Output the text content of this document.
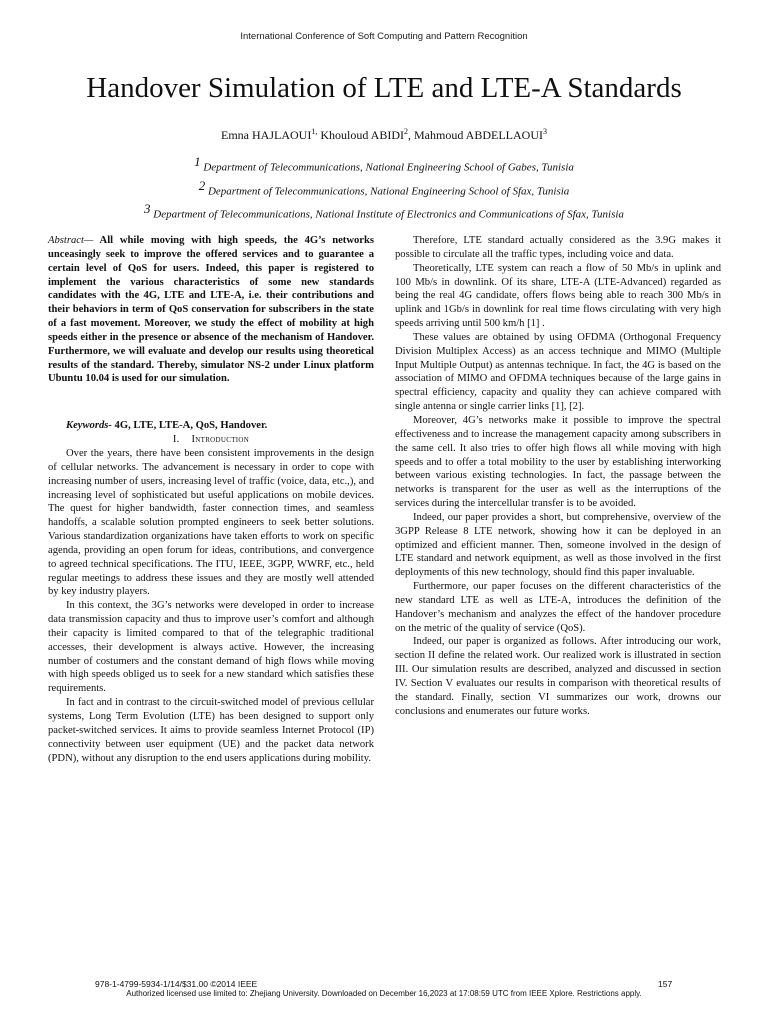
International Conference of Soft Computing and Pattern Recognition
Handover Simulation of LTE and LTE-A Standards
Emna $HAJLAOUI^{1,}$ Khouloud ABIDI$^2$, Mahmoud ABDELLAOUI$^3$
$^1$ Department of Telecommunications, National Engineering School of Gabes, Tunisia
$^2$ Department of Telecommunications, National Engineering School of Sfax, Tunisia
$^3$ Department of Telecommunications, National Institute of Electronics and Communications of Sfax, Tunisia

Abstract— All while moving with high speeds, the 4G’s networks unceasingly seek to improve the offered services and to guarantee a certain level of QoS for users. Indeed, this paper is registered to implement the various characteristics of some new standards candidates with the 4G, LTE and LTE-A, i.e. their contributions and their behaviors in term of QoS conservation for subscribers in the state of a fast movement. Moreover, we study the effect of mobility at high speeds either in the presence or absence of the mechanism of Handover. Furthermore, we will evaluate and develop our results using theoretical results of the standard. Thereby, simulator NS-2 under Linux platform Ubuntu 10.04 is used for our simulation.

Keywords- 4G, LTE, LTE-A, QoS, Handover.

I. Introduction

Over the years, there have been consistent improvements in the design of cellular networks. The advancement is necessary in order to cope with increasing number of users, increasing level of traffic (voice, data, etc.,), and increasing level of sophisticated but useful applications on mobile devices. The quest for higher bandwidth, faster connection times, and seamless handoffs, a scalable solution prompted engineers to seek better solutions. Various standardization organizations have taken efforts to work on specific agenda, providing an open forum for ideas, contributions, and convergence to agreed technical specifications. The ITU, IEEE, 3GPP, WWRF, etc., held regular meetings to address these issues and they are mostly well attended by key industry players.

In this context, the 3G’s networks were developed in order to increase data transmission capacity and thus to improve user’s comfort and although their capacity is limited compared to that of the telegraphic traditional accesses, their development is always active. However, the increasing number of costumers and the constant demand of high flows while moving with high speeds obliged us to seek for a new standard which satisfies these requirements.

In fact and in contrast to the circuit-switched model of previous cellular systems, Long Term Evolution (LTE) has been designed to support only packet-switched services. It aims to provide seamless Internet Protocol (IP) connectivity between user equipment (UE) and the packet data network (PDN), without any disruption to the end users applications during mobility.

Therefore, LTE standard actually considered as the 3.9G makes it possible to circulate all the traffic types, including voice and data.

Theoretically, LTE system can reach a flow of 50 Mb/s in uplink and 100 Mb/s in downlink. Of its share, LTE-A (LTE-Advanced) regarded as being the real 4G candidate, offers flows being able to reach 300 Mb/s in uplink and 1Gb/s in downlink for real time flows circulating with very high speeds arriving until 500 km/h [1] .

These values are obtained by using OFDMA (Orthogonal Frequency Division Multiplex Access) as an access technique and MIMO (Multiple Input Multiple Output) as antennas technique. In fact, the 4G is based on the association of MIMO and OFDMA techniques because of the large gains in spectral efficiency, capacity and quality they can achieve compared with single antenna or single carrier links [1], [2].

Moreover, 4G’s networks make it possible to improve the spectral effectiveness and to increase the management capacity among subscribers in the same cell. It also tries to offer high flows all while moving with high speeds and to offer a total mobility to the user by establishing interworking between various existing technologies. In fact, the passage between the networks is transparent for the user as well as the interruptions of the services during the intercellular transfer is to be avoided.

Indeed, our paper provides a short, but comprehensive, overview of the 3GPP Release 8 LTE network, showing how it can be deployed in an optimized and efficient manner. Then, someone involved in the design of LTE standard and network equipment, as well as those involved in the first deployments of this new technology, should find this paper invaluable.

Furthermore, our paper focuses on the different characteristics of the new standard LTE as well as LTE-A, introduces the definition of the Handover’s mechanism and analyzes the effect of the handover procedure on the metric of the quality of service (QoS).

Indeed, our paper is organized as follows. After introducing our work, section II define the related work. Our realized work is illustrated in section III. Our simulation results are described, analyzed and discussed in section IV. Section V evaluates our results in comparison with theoretical results of the standard. Finally, section VI summarizes our work, drowns our conclusions and enumerates our future works.

978-1-4799-5934-1/14/$31.00 ©2014 IEEE	157
Authorized licensed use limited to: Zhejiang University. Downloaded on December 16,2023 at 17:08:59 UTC from IEEE Xplore. Restrictions apply.
